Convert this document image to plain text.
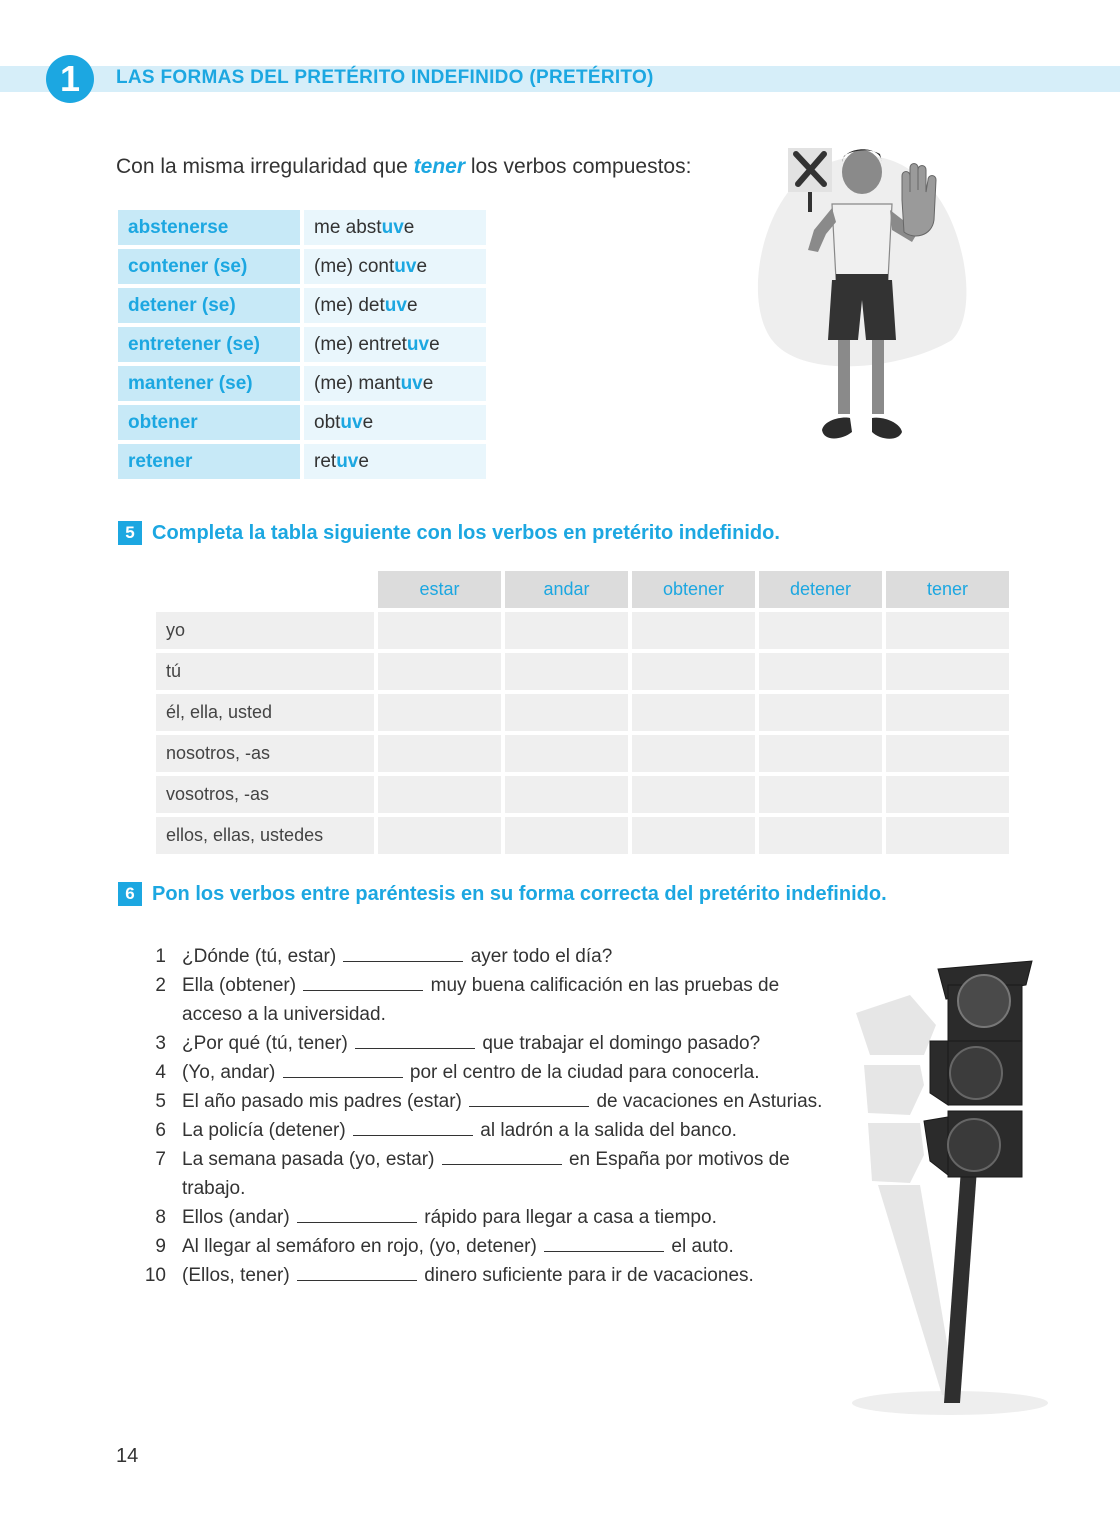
1	LAS FORMAS DEL PRETÉRITO INDEFINIDO (PRETÉRITO)
Con la misma irregularidad que tener los verbos compuestos:
abstenerse	me abstuve
contener (se)	(me) contuve
detener (se)	(me) detuve
entretener (se)	(me) entretuve
mantener (se)	(me) mantuve
obtener	obtuve
retener	retuve
5 Completa la tabla siguiente con los verbos en pretérito indefinido.
	estar	andar	obtener	detener	tener
yo					
tú					
él, ella, usted					
nosotros, -as					
vosotros, -as					
ellos, ellas, ustedes					
6 Pon los verbos entre paréntesis en su forma correcta del pretérito indefinido.
1 ¿Dónde (tú, estar)	ayer todo el día?
2 Ella (obtener)	muy buena calificación en las pruebas de acceso a la universidad.
3 ¿Por qué (tú, tener)	que trabajar el domingo pasado?
4 (Yo, andar)	por el centro de la ciudad para conocerla.
5 El año pasado mis padres (estar)	de vacaciones en Asturias.
6 La policía (detener)	al ladrón a la salida del banco.
7 La semana pasada (yo, estar)	en España por motivos de trabajo.
8 Ellos (andar)	rápido para llegar a casa a tiempo.
9 Al llegar al semáforo en rojo, (yo, detener)	el auto.
10 (Ellos, tener)	dinero suficiente para ir de vacaciones.
14
